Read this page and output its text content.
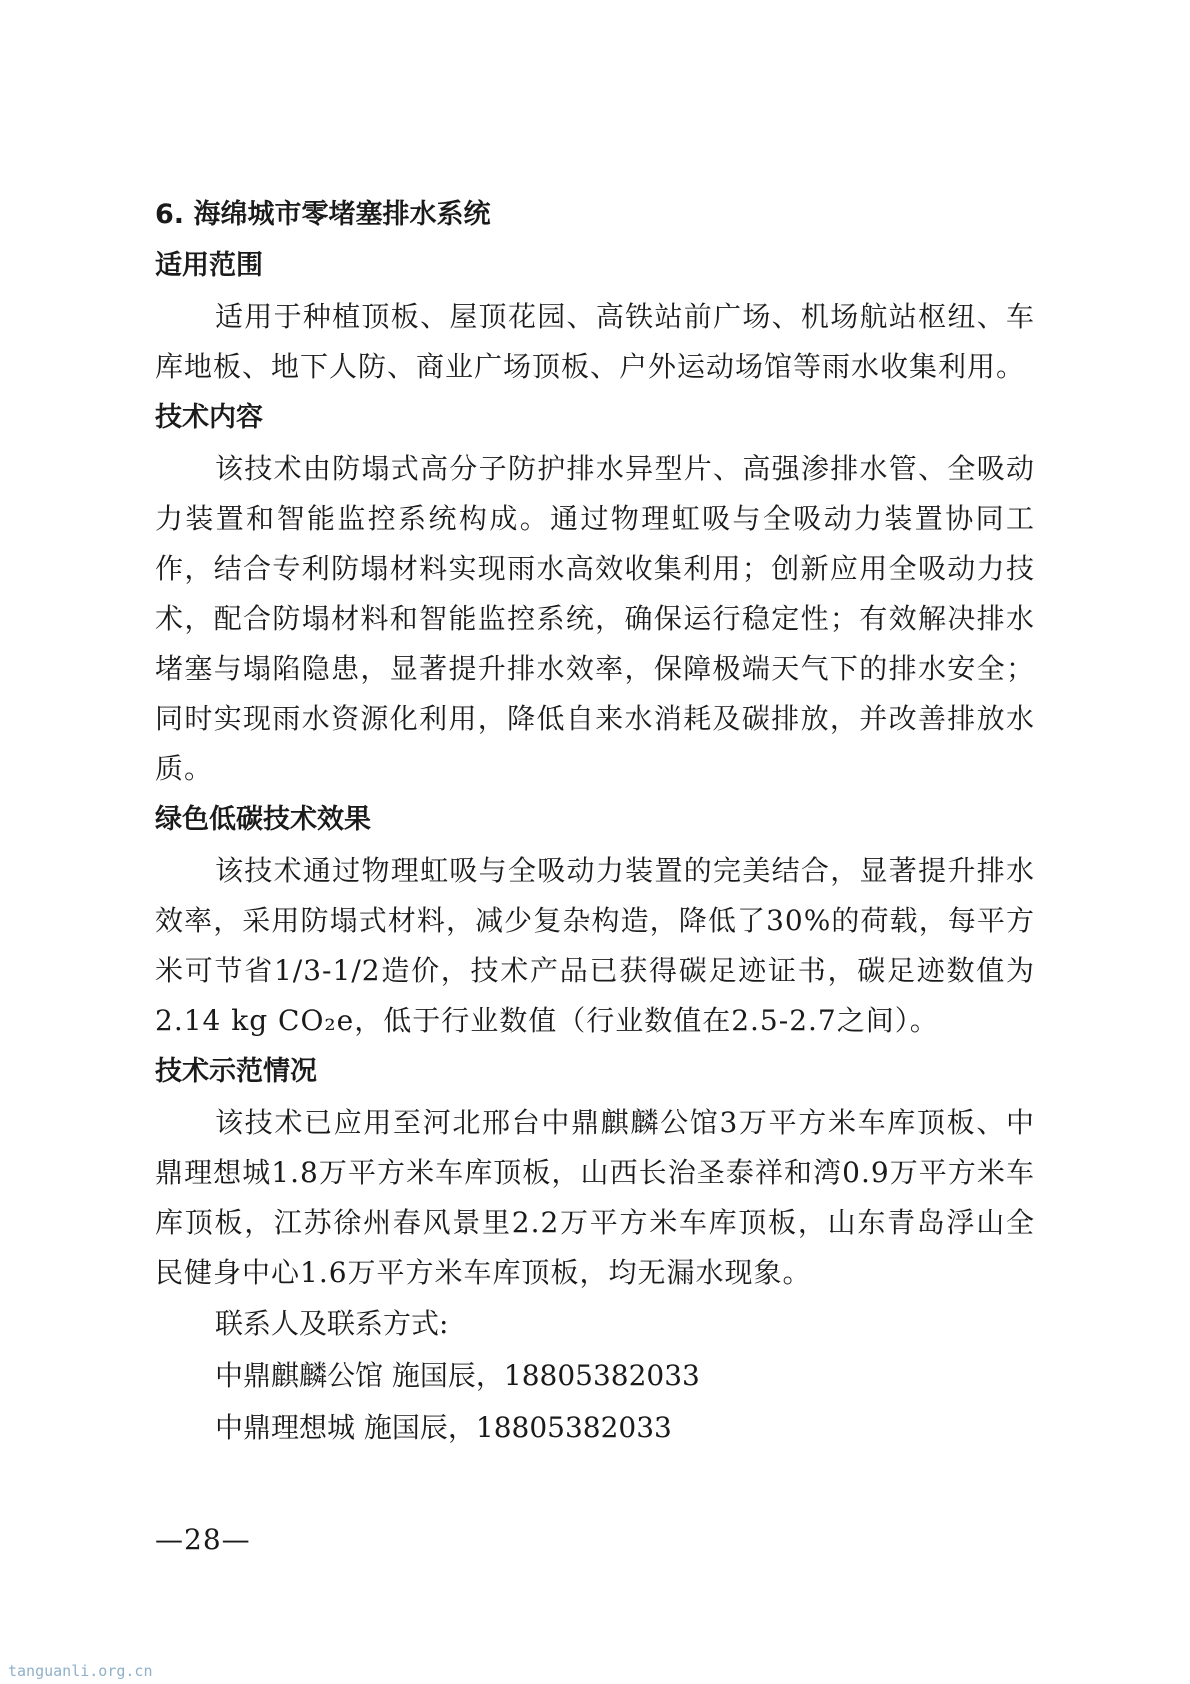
6. 海绵城市零堵塞排水系统
适用范围

适用于种植顶板、屋顶花园、高铁站前广场、机场航站枢纽、车库地板、地下人防、商业广场顶板、户外运动场馆等雨水收集利用。

技术内容

该技术由防塌式高分子防护排水异型片、高强渗排水管、全吸动力装置和智能监控系统构成。通过物理虹吸与全吸动力装置协同工作，结合专利防塌材料实现雨水高效收集利用；创新应用全吸动力技术，配合防塌材料和智能监控系统，确保运行稳定性；有效解决排水堵塞与塌陷隐患，显著提升排水效率，保障极端天气下的排水安全；同时实现雨水资源化利用，降低自来水消耗及碳排放，并改善排放水质。

绿色低碳技术效果

该技术通过物理虹吸与全吸动力装置的完美结合，显著提升排水效率，采用防塌式材料，减少复杂构造，降低了30%的荷载，每平方米可节省1/3-1/2造价，技术产品已获得碳足迹证书，碳足迹数值为2.14 kg CO₂e，低于行业数值（行业数值在2.5-2.7之间）。

技术示范情况

该技术已应用至河北邢台中鼎麒麟公馆3万平方米车库顶板、中鼎理想城1.8万平方米车库顶板，山西长治圣泰祥和湾0.9万平方米车库顶板，江苏徐州春风景里2.2万平方米车库顶板，山东青岛浮山全民健身中心1.6万平方米车库顶板，均无漏水现象。

联系人及联系方式:

中鼎麒麟公馆 施国辰，18805382033

中鼎理想城 施国辰，18805382033

—28—
tanguanli.org.cn
